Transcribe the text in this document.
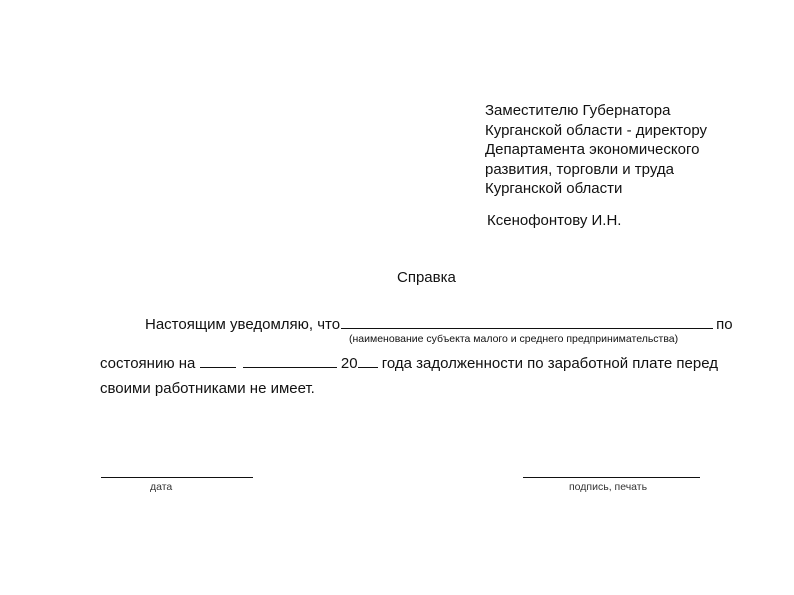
Заместителю Губернатора
Курганской области - директору
Департамента экономического
развития, торговли и труда
Курганской области
Ксенофонтову И.Н.
Справка
Настоящим уведомляю, что	по
(наименование субъекта малого и среднего предпринимательства)
состоянию на	20 года задолженности по заработной плате перед
своими работниками не имеет.
дата	подпись, печать
